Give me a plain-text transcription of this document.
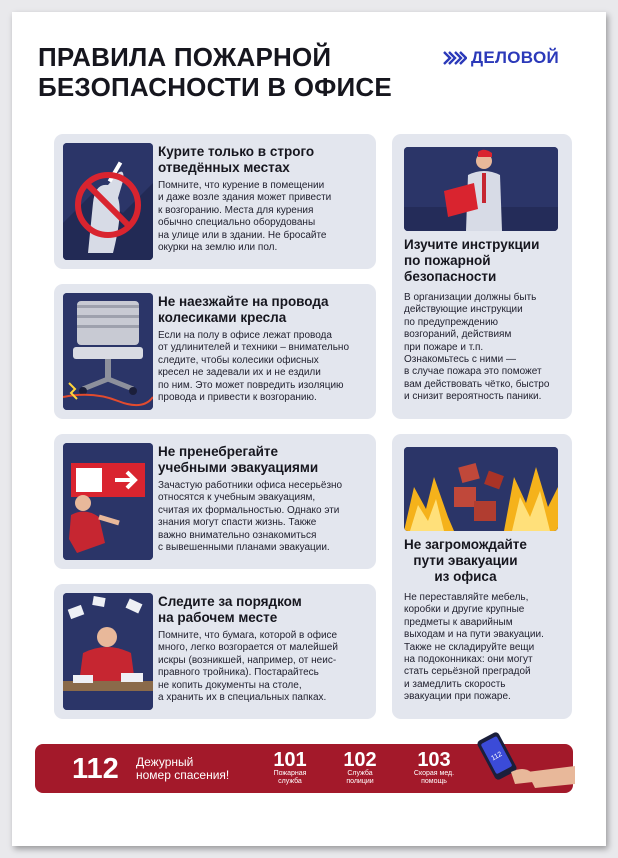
ПРАВИЛА ПОЖАРНОЙ
БЕЗОПАСНОСТИ В ОФИСЕ
ДЕЛОВОЙ
Курите только в строго
отведённых местах
Помните, что курение в помещении
и даже возле здания может привести
к возгоранию. Места для курения
обычно специально оборудованы
на улице или в здании. Не бросайте
окурки на землю или пол.
Не наезжайте на провода
колесиками кресла
Если на полу в офисе лежат провода
от удлинителей и техники – внимательно
следите, чтобы колесики офисных
кресел не задевали их и не ездили
по ним. Это может повредить изоляцию
провода и привести к возгоранию.
Не пренебрегайте
учебными эвакуациями
Зачастую работники офиса несерьёзно
относятся к учебным эвакуациям,
считая их формальностью. Однако эти
знания могут спасти жизнь. Также
важно внимательно ознакомиться
с вывешенными планами эвакуации.
Следите за порядком
на рабочем месте
Помните, что бумага, которой в офисе
много, легко возгорается от малейшей
искры (возникшей, например, от неис-
правного тройника). Постарайтесь
не копить документы на столе,
а хранить их в специальных папках.
Изучите инструкции
по пожарной
безопасности
В организации должны быть
действующие инструкции
по предупреждению
возгораний, действиям
при пожаре и т.п.
Ознакомьтесь с ними —
в случае пожара это поможет
вам действовать чётко, быстро
и снизит вероятность паники.
Не загромождайте
пути эвакуации
из офиса
Не переставляйте мебель,
коробки и другие крупные
предметы к аварийным
выходам и на пути эвакуации.
Также не складируйте вещи
на подоконниках: они могут
стать серьёзной преградой
и замедлить скорость
эвакуации при пожаре.
112 Дежурный
номер спасения!
101
Пожарная
служба
102
Служба
полиции
103
Скорая мед.
помощь
112
